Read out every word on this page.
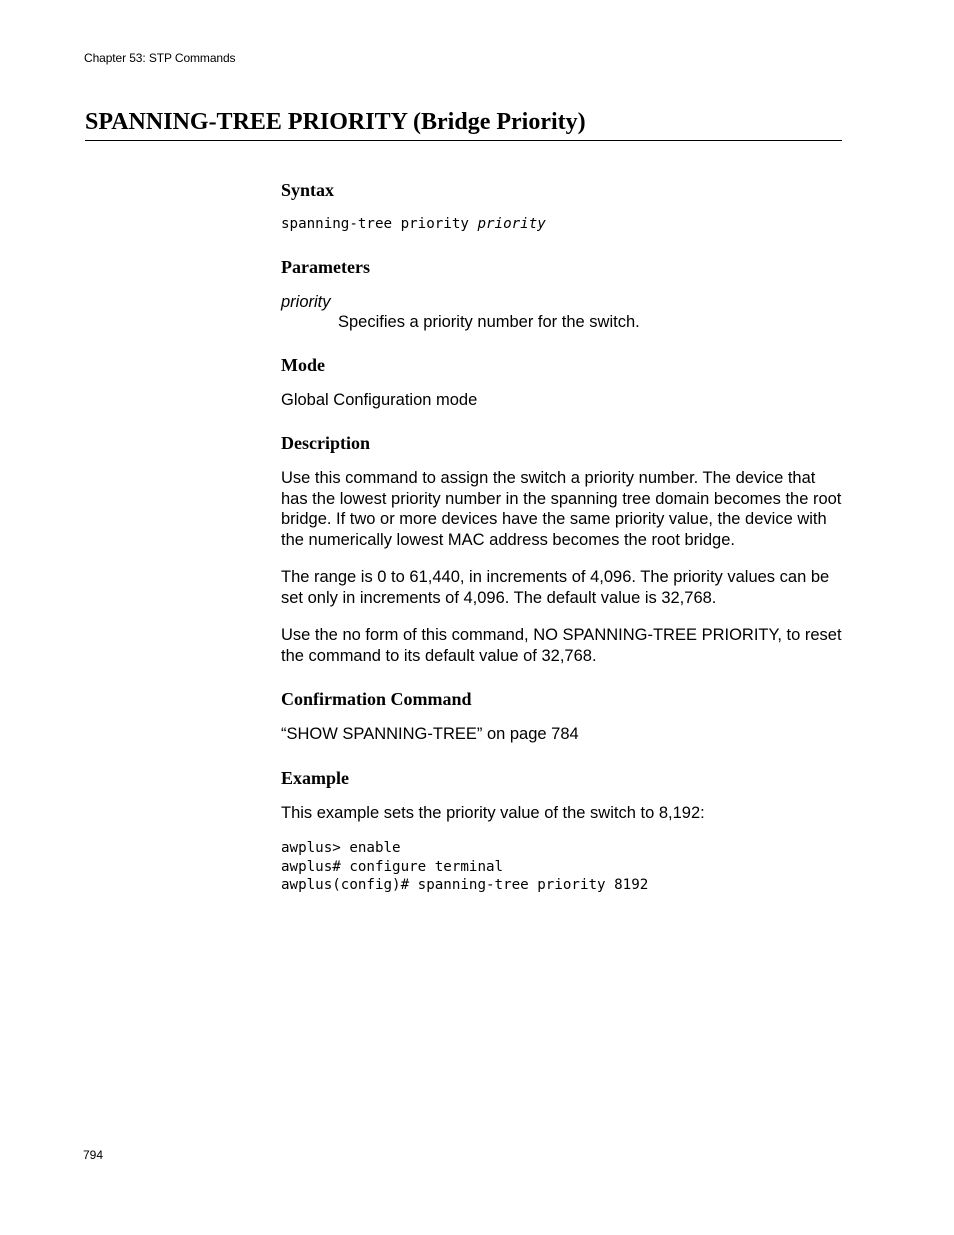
Chapter 53: STP Commands
SPANNING-TREE PRIORITY (Bridge Priority)
Syntax
spanning-tree priority priority
Parameters
priority
Specifies a priority number for the switch.
Mode

Global Configuration mode

Description

Use this command to assign the switch a priority number. The device that has the lowest priority number in the spanning tree domain becomes the root bridge. If two or more devices have the same priority value, the device with the numerically lowest MAC address becomes the root bridge.

The range is 0 to 61,440, in increments of 4,096. The priority values can be set only in increments of 4,096. The default value is 32,768.

Use the no form of this command, NO SPANNING-TREE PRIORITY, to reset the command to its default value of 32,768.

Confirmation Command

“SHOW SPANNING-TREE” on page 784

Example

This example sets the priority value of the switch to 8,192:

awplus> enable
awplus# configure terminal
awplus(config)# spanning-tree priority 8192
794
